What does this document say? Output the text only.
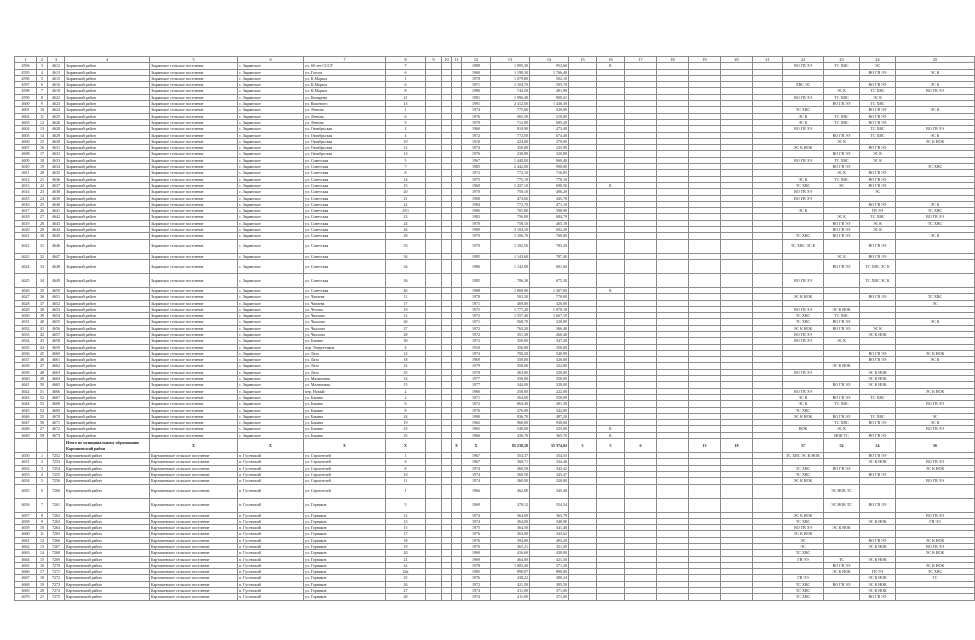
1	2	3	4	5	6	7	8	9	10	11	12	13	14	15	16	17	18	19	20	21	22	23	24	25
4594	3	4612	Зырянский район	Зырянское сельское поселение	с. Зырянское	ул. 60 лет СССР	7				1989	1 895,30	952,60		К						ВО ГВ ЭЭ	ТС ХВС	ЭС	
4595	4	4613	Зырянский район	Зырянское сельское поселение	с. Зырянское	ул. Гоголя	6				1960	1 198,30	1 766,40										ВО ГВ ЭЭ	ЭС К
4596	5	4615	Зырянский район	Зырянское сельское поселение	с. Зырянское	ул. К.Маркса	1				1970	1 079,80	502,10											
4597	6	4616	Зырянский район	Зырянское сельское поселение	с. Зырянское	ул. К.Маркса	6				1971	1 104,70	505,70								ХВС ЭС		ВО ГВ ЭЭ	ЭС К
4598	7	4618	Зырянский район	Зырянское сельское поселение	с. Зырянское	ул. К.Маркса	8				1980	744,50	491,90									ЭС К	ТС ХВС	ВО ГВ ЭЭ
4599	8	4622	Зырянский район	Зырянское сельское поселение	с. Зырянское	ул. Комарова	21				1981	1 996,40	900,41								ВО ГВ ЭЭ	ТС ХВС	ЭС К	
4600	9	4623	Зырянский район	Зырянское сельское поселение	с. Зырянское	ул. Кошевого	13				1991	2 312,50	1 436,30									ВО ГВ ЭЭ	ТС ХВС	
4601	10	4624	Зырянский район	Зырянское сельское поселение	с. Зырянское	ул. Ленина	1				1974	775,80	520,00								ТС ХВС		ВО ГВ ЭЭ	ЭС К
4602	11	4625	Зырянский район	Зырянское сельское поселение	с. Зырянское	ул. Ленина	6				1976	565,50	210,00								ЭС К	ТС ХВС	ВО ГВ ЭЭ	
4603	12	4626	Зырянский район	Зырянское сельское поселение	с. Зырянское	ул. Ленина	9				1970	712,80	685,20								ЭС К	ТС ХВС	ВО ГВ ЭЭ	
4604	13	4628	Зырянский район	Зырянское сельское поселение	с. Зырянское	ул. Октябрьская	2				1960	810,90	473,40								ВО ГВ ЭЭ		ТС ХВС	ВО ГВ ЭЭ
4605	14	4629	Зырянский район	Зырянское сельское поселение	с. Зырянское	ул. Октябрьская	4				1972	772,50	674,40									ВО ГВ ЭЭ	ТС ХВС	ЭС К
4606	15	4630	Зырянский район	Зырянское сельское поселение	с. Зырянское	ул. Октябрьская	10				1910	424,00	370,00									ЭС К		ЭС К НОК
4607	16	4631	Зырянский район	Зырянское сельское поселение	с. Зырянское	ул. Октябрьская	12				1974	350,00	235,90								ЭС К НОК		ВО ГВ ЭЭ	
4608	17	4632	Зырянский район	Зырянское сельское поселение	с. Зырянское	ул. Октябрьская	13				1976	230,80	320,80									ВО ГВ ЭЭ	ЭС К	
4609	18	4633	Зырянский район	Зырянское сельское поселение	с. Зырянское	ул. Советская	5				1967	1 440,00	960,40								ВО ГВ ЭЭ	ТС ХВС	ЭС К	
4610	19	4634	Зырянский район	Зырянское сельское поселение	с. Зырянское	ул. Советская	7				1985	2 442,00	990,00									ВО ГВ ЭЭ		ТС ХВС
4611	20	4635	Зырянский район	Зырянское сельское поселение	с. Зырянское	ул. Советская	8				1972	772,10	716,85									ЭС К	ВО ГВ ЭЭ	
4612	21	4636	Зырянский район	Зырянское сельское поселение	с. Зырянское	ул. Советская	14				1975	775,10	770,10								ЭС К	ТС ХВС	ВО ГВ ЭЭ	
4613	22	4637	Зырянский район	Зырянское сельское поселение	с. Зырянское	ул. Советская	15				1960	1 437,10	690,50		К						ТС ХВС	ЭС	ВО ГВ ЭЭ	
4614	23	4638	Зырянский район	Зырянское сельское поселение	с. Зырянское	ул. Советская	20				1970	758,10	496,20								ВО ГВ ЭЭ		ЭС	
4615	24	4639	Зырянский район	Зырянское сельское поселение	с. Зырянское	ул. Советская	21				1968	474,60	445,70								ВО ГВ ЭЭ			
4616	25	4640	Зырянский район	Зырянское сельское поселение	с. Зырянское	ул. Советская	22				1984	772,70	471,10										ВО ГВ ЭЭ	ЭС К
4617	26	4641	Зырянский район	Зырянское сельское поселение	с. Зырянское	ул. Советская	23/1				1986	765,80	398,90								ЭС К		ГВ ЭЭ	ТС ХВС
4618	27	4642	Зырянский район	Зырянское сельское поселение	с. Зырянское	ул. Советская	23				1982	756,80	684,79									ЭС К	ТС ХВС	ВО ГВ ЭЭ
4619	28	4643	Зырянский район	Зырянское сельское поселение	с. Зырянское	ул. Советская	24				1970	758,10	465,18									ВО ГВ ЭЭ	ЭС К	ТС ХВС
4620	29	4644	Зырянский район	Зырянское сельское поселение	с. Зырянское	ул. Советская	26				1989	3 104,10	692,20									ВО ГВ ЭЭ	ЭС К	
4621	30	4645	Зырянский район	Зырянское сельское поселение	с. Зырянское	ул. Советская	28				1970	1 106,70	760,00								ТС ХВС	ВО ГВ ЭЭ		ЭС К
4622	31	4646	Зырянский район	Зырянское сельское поселение	с. Зырянское	ул. Советская	33				1970	1 102,50	783,20								ТС ХВС ЭС К		ВО ГВ ЭЭ	
4623	32	4647	Зырянский район	Зырянское сельское поселение	с. Зырянское	ул. Советская	34				1985	1 143,60	787,40									ЭС К	ВО ГВ ЭЭ	
4624	33	4648	Зырянский район	Зырянское сельское поселение	с. Зырянское	ул. Советская	34				1986	1 142,90	681,60									ВО ГВ ЭЭ	ТС ХВС ЭС К	
4625	34	4649	Зырянский район	Зырянское сельское поселение	с. Зырянское	ул. Советская	36				1985	706,30	675,30								ВО ГВ ЭЭ		ТС ХВС ЭС К	
4626	35	4650	Зырянский район	Зырянское сельское поселение	с. Зырянское	ул. Советская	40				1988	1 868,90	1 367,60		К									
4627	36	4651	Зырянский район	Зырянское сельское поселение	с. Зырянское	ул. Чапаева	11				1970	503,20	770,00								ЭС К НОК		ВО ГВ ЭЭ	ТС ХВС
4628	37	4652	Зырянский район	Зырянское сельское поселение	с. Зырянское	ул. Чапаева	17				1971	469,00	320,00											ЭС
4629	38	4653	Зырянский район	Зырянское сельское поселение	с. Зырянское	ул. Чехова	19				1975	1 777,20	1 978,18								ВО ГВ ЭЭ	ЭС К НОК		
4630	39	4654	Зырянский район	Зырянское сельское поселение	с. Зырянское	ул. Чкалова	12				1972	1 557,40	1 667,19								ТС ХВС	ТС ХВС		
4631	40	4655	Зырянский район	Зырянское сельское поселение	с. Зырянское	ул. Чкалова	26				1971	568,70	320,00								ТС ХВС	ВО ГВ ЭЭ		ЭС К
4632	41	4656	Зырянский район	Зырянское сельское поселение	с. Зырянское	ул. Чкалова	27				1972	763,20	366,40								ЭС К НОК	ВО ГВ ЭЭ	ЭС К	
4633	42	4657	Зырянский район	Зырянское сельское поселение	с. Зырянское	ул. Чкалова	28				1972	351,30	260,40								ВО ГВ ЭЭ		ЭС К НОК	
4634	43	4658	Зырянский район	Зырянское сельское поселение	с. Зырянское	ул. Бакина	30				1972	350,00	347,20								ВО ГВ ЭЭ	ЭС К		
4635	44	4659	Зырянский район	Зырянское сельское поселение	с. Зырянское	пер. Энергетиков	4				1910	356,00	356,00											
4636	45	4660	Зырянский район	Зырянское сельское поселение	с. Зырянское	ул. Лазо	12				1974	700,20	540,90										ВО ГВ ЭЭ	ЭС К НОК
4637	46	4661	Зырянский район	Зырянское сельское поселение	с. Зырянское	ул. Лазо	18				1969	358,00	320,00										ВО ГВ ЭЭ	ЭС К
4638	47	4662	Зырянский район	Зырянское сельское поселение	с. Зырянское	ул. Лазо	22				1979	358,00	322,80									ЭС К НОК		
4639	48	4663	Зырянский район	Зырянское сельское поселение	с. Зырянское	ул. Лазо	25				1970	363,00	320,00								ВО ГВ ЭЭ		ЭС К НОК	
4640	49	4664	Зырянский район	Зырянское сельское поселение	с. Зырянское	ул. Малиновая	14				1977	356,00	356,00										ЭС К НОК	
4641	50	4665	Зырянский район	Зырянское сельское поселение	с. Зырянское	ул. Малиновая	15				1977	344,00	320,00									ВО ГВ ЭЭ	ЭС К НОК	
4642	51	4666	Зырянский район	Зырянское сельское поселение	с. Зырянское	пер. Новый	2				1966	258,00	222,00								ВО ГВ ЭЭ			ЭС К НОК
4643	52	4667	Зырянский район	Зырянское сельское поселение	с. Зырянское	ул. Бакина	2				1971	564,00	550,00								ЭС К	ВО ГВ ЭЭ	ТС ХВС	
4644	53	4668	Зырянский район	Зырянское сельское поселение	с. Зырянское	ул. Бакина	6				1972	864,40	491,30								ЭС К	ТС ХВС		ВО ГВ ЭЭ
4645	54	4669	Зырянский район	Зырянское сельское поселение	с. Зырянское	ул. Бакина	8				1976	476,00	342,00								ТС ХВС			
4646	55	4670	Зырянский район	Зырянское сельское поселение	с. Зырянское	ул. Бакина	24				1980	836,70	487,20								ЭС К НОК	ВО ГВ ЭЭ	ТС ХВС	ЭС
4647	56	4671	Зырянский район	Зырянское сельское поселение	с. Зырянское	ул. Бакина	19				1962	960,00	930,00									ТС ХВС	ВО ГВ ЭЭ	ЭС К
4648	57	4672	Зырянский район	Зырянское сельское поселение	с. Зырянское	ул. Бакина	23				1965	540,00	325,00		К						НОК	ЭС К		ВО ГВ ЭЭ
4649	58	4673	Зырянский район	Зырянское сельское поселение	с. Зырянское	ул. Бакина	25				1966	436,70	365,70		К							НОК ТС	ВО ГВ ЭЭ	
			Итого по муниципальному образованию Карташевский район	Х	Х	Х	Х			Х	Х	85 238,28	55 374,02	3	5	6		13	18		57	54	54	56
4650	1	7252	Карташевский район	Карташевское сельское поселение	п. Гусевский	ул. Строителей	1				1967	354,37	354,55								ТС ХВС ЭС К НОК		ВО ГВ ЭЭ	
4651	2	7253	Карташевский район	Карташевское сельское поселение	п. Гусевский	ул. Строителей	6				1967	360,71	334,46										ЭС К НОК	ВО ГВ ЭЭ
4652	3	7254	Карташевский район	Карташевское сельское поселение	п. Гусевский	ул. Строителей	8				1974	360,50	343,42								ТС ХВС	ВО ГВ ЭЭ		ЭС К НОК
4653	4	7255	Карташевский район	Карташевское сельское поселение	п. Гусевский	ул. Строителей	10				1974	360,50	343,47								ТС ХВС		ВО ГВ ЭЭ	
4654	5	7256	Карташевский район	Карташевское сельское поселение	п. Гусевский	ул. Строителей	11				1974	360,00	320,00								ЭС К НОК			ВО ГВ ЭЭ
4655	6	7260	Карташевский район	Карташевское сельское поселение	п. Гусевский	ул. Строителей	1				1966	462,00	345,40									ЭС НОК ТС		
4656	7	7261	Карташевский район	Карташевское сельское поселение	п. Гусевский	ул. Горняков	5				1969	378,12	354,34									ЭС НОК ТС	ВО ГВ ЭЭ	
4657	8	7262	Карташевский район	Карташевское сельское поселение	п. Гусевский	ул. Горняков	12				1974	364,00	363,79								ЭС К НОК			ВО ГВ ЭЭ
4658	9	7263	Карташевский район	Карташевское сельское поселение	п. Гусевский	ул. Горняков	13				1974	364,00	340,00								ТС ХВС		ЭС К НОК	ГВ ЭЭ
4659	10	7264	Карташевский район	Карташевское сельское поселение	п. Гусевский	ул. Горняков	15				1975	364,50	341,40								ВО ГВ ЭЭ	ЭС К НОК		
4660	11	7265	Карташевский район	Карташевское сельское поселение	п. Гусевский	ул. Горняков	17				1976	363,00	343,62								ЭС К НОК			
4661	12	7266	Карташевский район	Карташевское сельское поселение	п. Гусевский	ул. Горняков	18				1976	394,80	493,20								ЭС		ВО ГВ ЭЭ	ЭС К НОК
4662	13	7267	Карташевский район	Карташевское сельское поселение	п. Гусевский	ул. Горняков	19				1976	365,21	351,20								ЭС		ЭС К НОК	ВО ГВ ЭЭ
4663	14	7268	Карташевский район	Карташевское сельское поселение	п. Гусевский	ул. Горняков	20				1969	416,60	430,00								ТС ХВС			ЭС К НОК
4664	15	7269	Карташевский район	Карташевское сельское поселение	п. Гусевский	ул. Горняков	21				1969	464,00	421,50								ГВ ЭЭ	ТС	ЭС К НОК	
4665	16	7270	Карташевский район	Карташевское сельское поселение	п. Гусевский	ул. Горняков	22				1978	1 083,40	371,20									ВО ГВ ЭЭ		ЭС К НОК
4666	17	7271	Карташевский район	Карташевское сельское поселение	п. Гусевский	ул. Горняков	24а				1985	890,07	890,00									ЭС К НОК	ГВ ЭЭ	ТС ХВС
4667	18	7272	Карташевский район	Карташевское сельское поселение	п. Гусевский	ул. Горняков	25				1976	438,22	380,24								ГВ ЭЭ		ЭС К НОК	ТС
4668	19	7273	Карташевский район	Карташевское сельское поселение	п. Гусевский	ул. Горняков	26				1972	421,50	395,50								ТС ХВС	ВО ГВ ЭЭ	ЭС К НОК	
4669	20	7274	Карташевский район	Карташевское сельское поселение	п. Гусевский	ул. Горняков	27				1974	411,00	371,00								ТС ХВС		ЭС К НОК	
4670	21	7275	Карташевский район	Карташевское сельское поселение	п. Гусевский	ул. Горняков	28				1974	411,00	371,00								ТС ХВС		ВО ГВ ЭЭ	
